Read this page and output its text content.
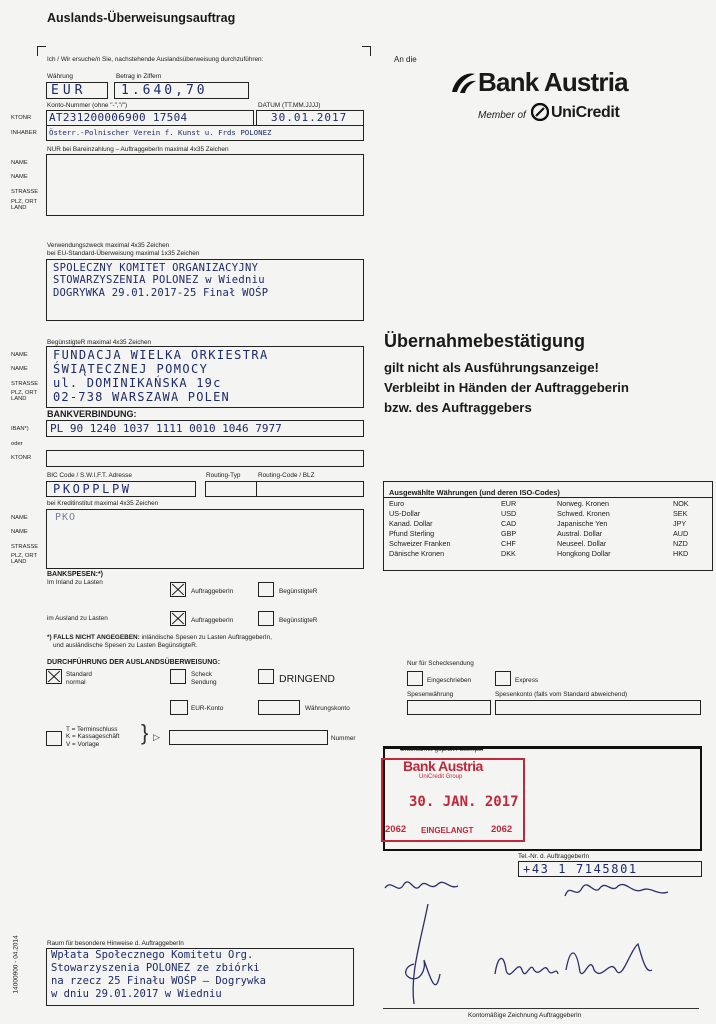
Auslands-Überweisungsauftrag
Ich / Wir ersuche/n Sie, nachstehende Auslandsüberweisung durchzuführen:	An die
Bank Austria
Member of UniCredit
Währung	Betrag in Ziffern
EUR	1.640,70
Konto-Nummer (ohne "-","/")	DATUM (TT.MM.JJJJ)
KTONR AT231200006900 17504	30.01.2017
INHABER Österr.-Polnischer Verein f. Kunst u. Frds POLONEZ
NUR bei Bareinzahlung – AuftraggeberIn maximal 4x35 Zeichen
NAME
NAME
STRASSE
PLZ, ORT LAND
Verwendungszweck maximal 4x35 Zeichen
bei EU-Standard-Überweisung maximal 1x35 Zeichen
SPOLECZNY KOMITET ORGANIZACYJNY
STOWARZYSZENIA POLONEZ w Wiedniu
DOGRYWKA 29.01.2017-25 Finał WOŚP
BegünstigteR maximal 4x35 Zeichen
NAME
NAME
STRASSE
PLZ, ORT LAND
FUNDACJA WIELKA ORKIESTRA
ŚWIĄTECZNEJ POMOCY
ul. DOMINIKAŃSKA 19c
02-738 WARSZAWA POLEN
BANKVERBINDUNG:
IBAN*) PL 90 1240 1037 1111 0010 1046 7977
oder
KTONR
BIC Code / S.W.I.F.T. Adresse	Routing-Typ	Routing-Code / BLZ
PKOPPLPW
bei Kreditinstitut maximal 4x35 Zeichen
NAME
NAME
STRASSE
PLZ, ORT LAND
PKO
BANKSPESEN:*)
Im Inland zu Lasten
AuftraggeberIn	BegünstigteR
im Ausland zu Lasten	AuftraggeberIn	BegünstigteR
*) FALLS NICHT ANGEGEBEN: inländische Spesen zu Lasten AuftraggeberIn,
und ausländische Spesen zu Lasten BegünstigteR.
DURCHFÜHRUNG DER AUSLANDSÜBERWEISUNG:
Standard
normal
Scheck
Sendung	DRINGEND
EUR-Konto	Währungskonto
T = Terminschluss
K = Kassageschäft
V = Vorlage } ▷	Nummer
Nur für Schecksendung
Eingeschrieben	Express
Spesenwährung	Spesenkonto (falls vom Standard abweichend)
Übernahmebestätigung
gilt nicht als Ausführungsanzeige!
Verbleibt in Händen der Auftraggeberin
bzw. des Auftraggebers
Ausgewählte Währungen (und deren ISO-Codes)
Euro	EUR	Norweg. Kronen	NOK
US-Dollar	USD	Schwed. Kronen	SEK
Kanad. Dollar	CAD	Japanische Yen	JPY
Pfund Sterling	GBP	Austral. Dollar	AUD
Schweizer Franken	CHF	Neuseel. Dollar	NZD
Dänische Kronen	DKK	Hongkong Dollar	HKD
Unterschrift geprüft / Stempel
Bank Austria
UniCredit Group
30. JAN. 2017
2062 EINGELANGT 2062
Tel.-Nr. d. AuftraggeberIn
+43 1 7145801
Raum für besondere Hinweise d. AuftraggeberIn
Wpłata Społecznego Komitetu Org.
Stowarzyszenia POLONEZ ze zbiórki
na rzecz 25 Finału WOŚP – Dogrywka
w dniu 29.01.2017 w Wiedniu
Kontomäßige Zeichnung AuftraggeberIn
14000900 - 04.2014
